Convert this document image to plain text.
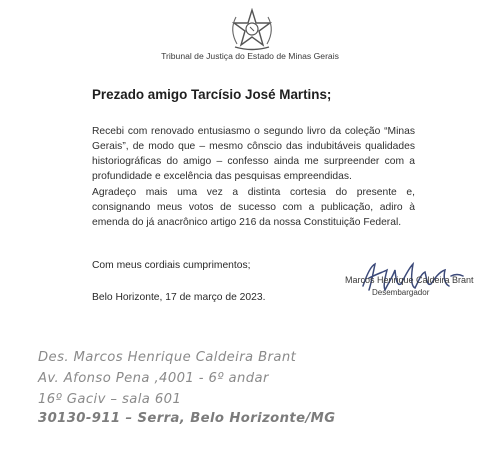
Tribunal de Justiça do Estado de Minas Gerais
Prezado amigo Tarcísio José Martins;
Recebi com renovado entusiasmo o segundo livro da coleção “Minas Gerais”, de modo que – mesmo cônscio das indubitáveis qualidades historiográficas do amigo – confesso ainda me surpreender com a profundidade e excelência das pesquisas empreendidas.
Agradeço mais uma vez a distinta cortesia do presente e, consignando meus votos de sucesso com a publicação, adiro à emenda do já anacrônico artigo 216 da nossa Constituição Federal.
Com meus cordiais cumprimentos;
Belo Horizonte, 17 de março de 2023.
Marcos Henrique Caldeira Brant
Desembargador
Des. Marcos Henrique Caldeira Brant
Av. Afonso Pena ,4001 - 6º andar
16º Gaciv – sala 601
30130-911 – Serra, Belo Horizonte/MG
